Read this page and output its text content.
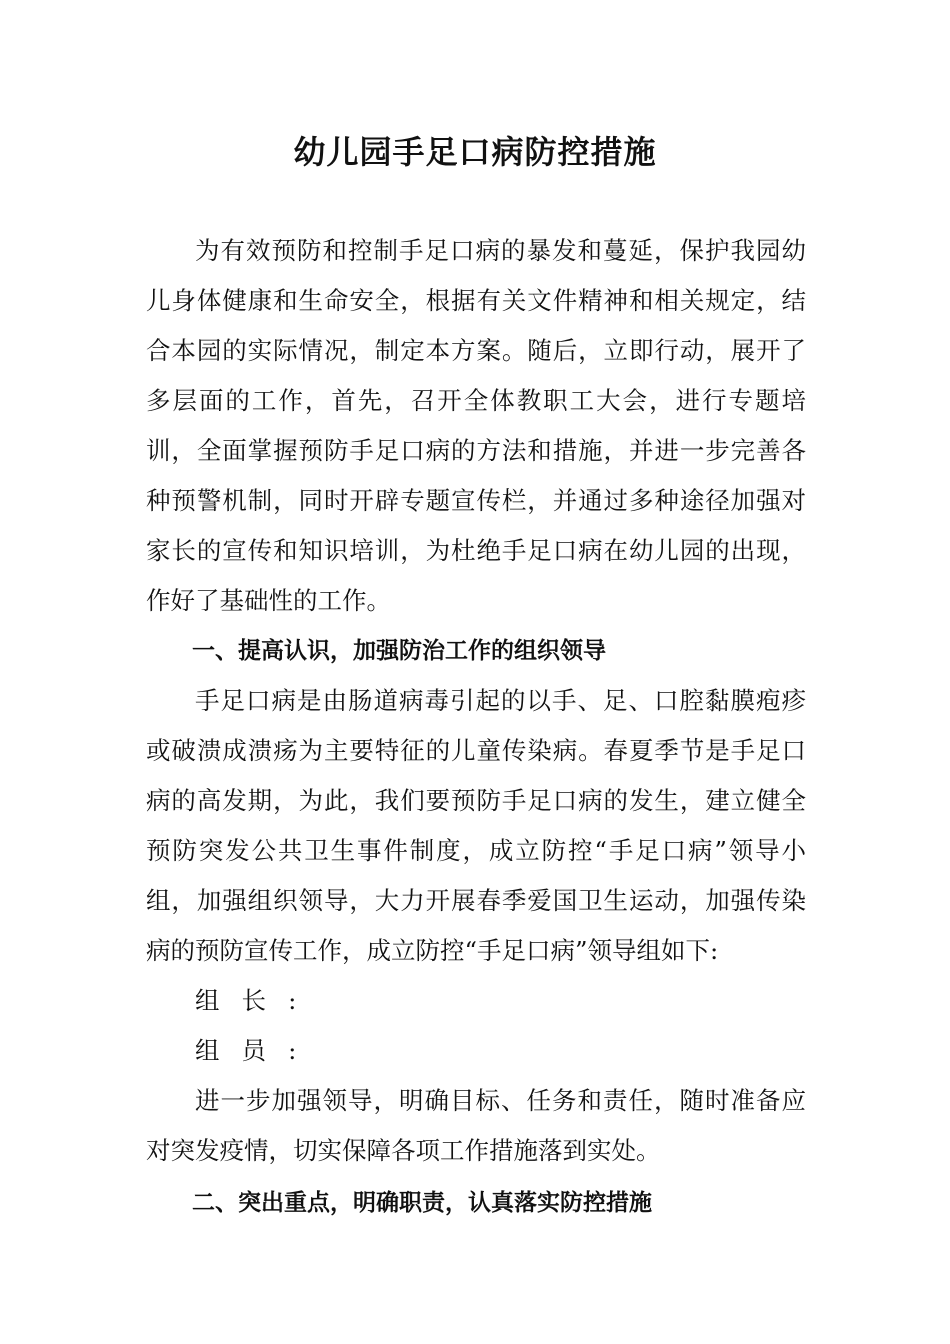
幼儿园手足口病防控措施

为有效预防和控制手足口病的暴发和蔓延，保护我园幼儿身体健康和生命安全，根据有关文件精神和相关规定，结合本园的实际情况，制定本方案。随后，立即行动，展开了多层面的工作，首先，召开全体教职工大会，进行专题培训，全面掌握预防手足口病的方法和措施，并进一步完善各种预警机制，同时开辟专题宣传栏，并通过多种途径加强对家长的宣传和知识培训，为杜绝手足口病在幼儿园的出现，作好了基础性的工作。

一、提高认识，加强防治工作的组织领导

手足口病是由肠道病毒引起的以手、足、口腔黏膜疱疹或破溃成溃疡为主要特征的儿童传染病。春夏季节是手足口病的高发期，为此，我们要预防手足口病的发生，建立健全预防突发公共卫生事件制度，成立防控“手足口病”领导小组，加强组织领导，大力开展春季爱国卫生运动，加强传染病的预防宣传工作，成立防控“手足口病”领导组如下:

组长:

组员:

进一步加强领导，明确目标、任务和责任，随时准备应对突发疫情，切实保障各项工作措施落到实处。

二、突出重点，明确职责，认真落实防控措施
